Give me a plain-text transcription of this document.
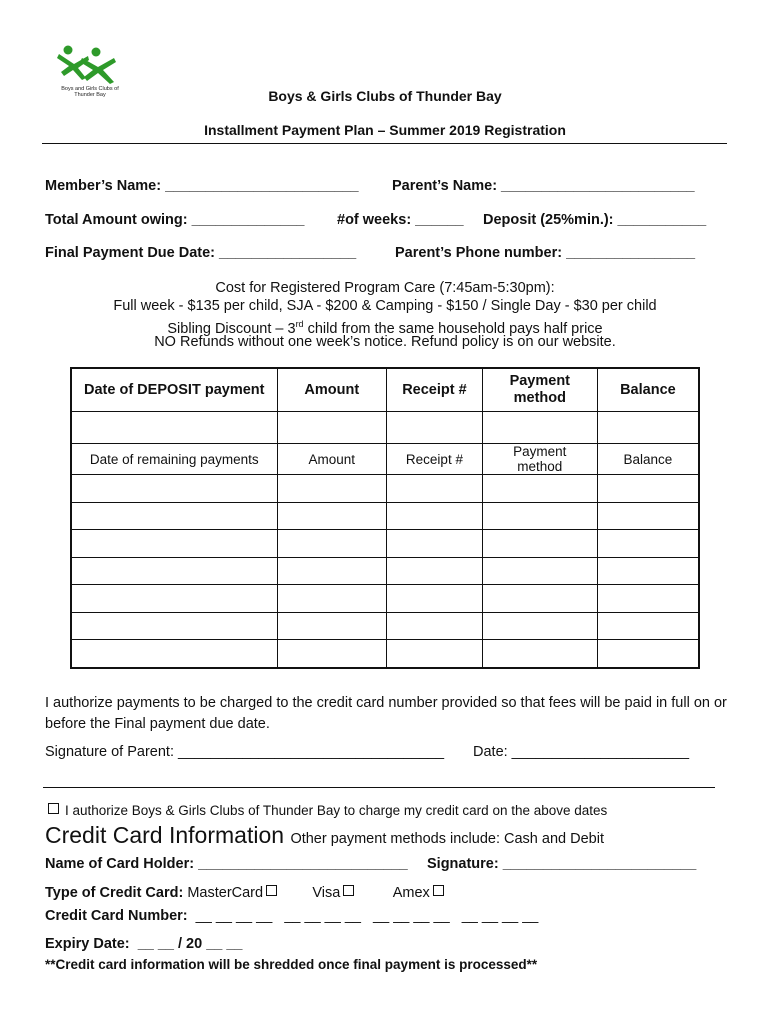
Boys and Girls Clubs of Thunder Bay	Boys & Girls Clubs of Thunder Bay
Installment Payment Plan – Summer 2019 Registration
Member’s Name: ________________________ Parent’s Name: ________________________
Total Amount owing: ______________ #of weeks: ______ Deposit (25%min.): ___________
Final Payment Due Date: _________________	Parent’s Phone number: ________________
Cost for Registered Program Care (7:45am-5:30pm):
Full week - $135 per child, SJA - $200 & Camping - $150 / Single Day - $30 per child
Sibling Discount – 3rd child from the same household pays half price
NO Refunds without one week’s notice. Refund policy is on our website.
Date of DEPOSIT payment	Amount	Receipt #	Payment method	Balance

Date of remaining payments	Amount	Receipt #	Payment method	Balance

I authorize payments to be charged to the credit card number provided so that fees will be paid in full on or before the Final payment due date.
Signature of Parent: _________________________________ Date: ______________________
I authorize Boys & Girls Clubs of Thunder Bay to charge my credit card on the above dates
Credit Card Information Other payment methods include: Cash and Debit
Name of Card Holder: __________________________ Signature: ________________________
Type of Credit Card: MasterCard	Visa	Amex
Credit Card Number: __ __ __ __   __ __ __ __   __ __ __ __   __ __ __ __
Expiry Date: __ __ / 20 __ __
**Credit card information will be shredded once final payment is processed**
